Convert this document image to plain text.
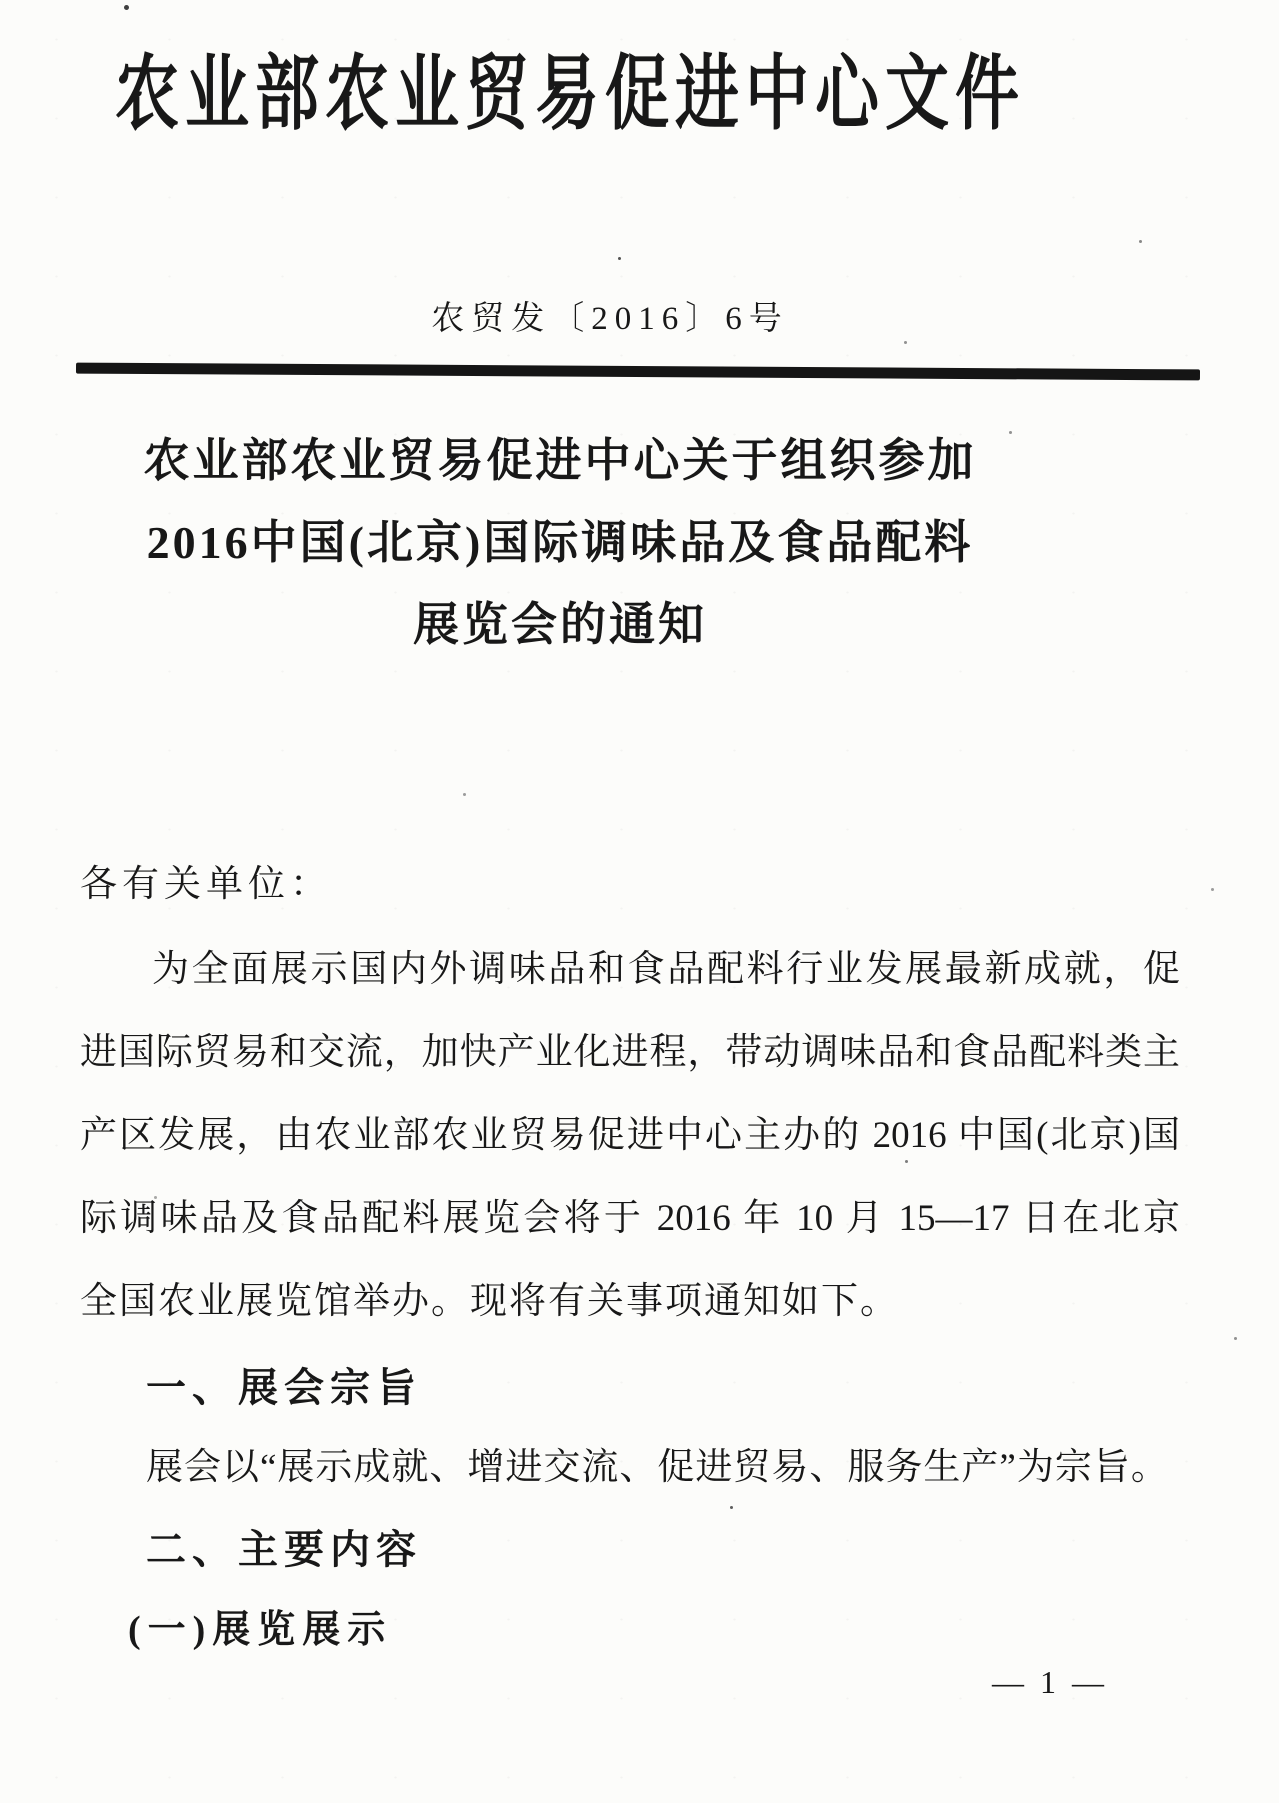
农业部农业贸易促进中心文件
农贸发〔2016〕6号
农业部农业贸易促进中心关于组织参加
2016中国(北京)国际调味品及食品配料
展览会的通知
各有关单位：
为全面展示国内外调味品和食品配料行业发展最新成就，促
进国际贸易和交流，加快产业化进程，带动调味品和食品配料类主
产区发展，由农业部农业贸易促进中心主办的 2016 中国(北京)国
际调味品及食品配料展览会将于 2016 年 10 月 15—17 日在北京
全国农业展览馆举办。现将有关事项通知如下。
一、展会宗旨
展会以“展示成就、增进交流、促进贸易、服务生产”为宗旨。
二、主要内容
(一)展览展示
— 1 —
